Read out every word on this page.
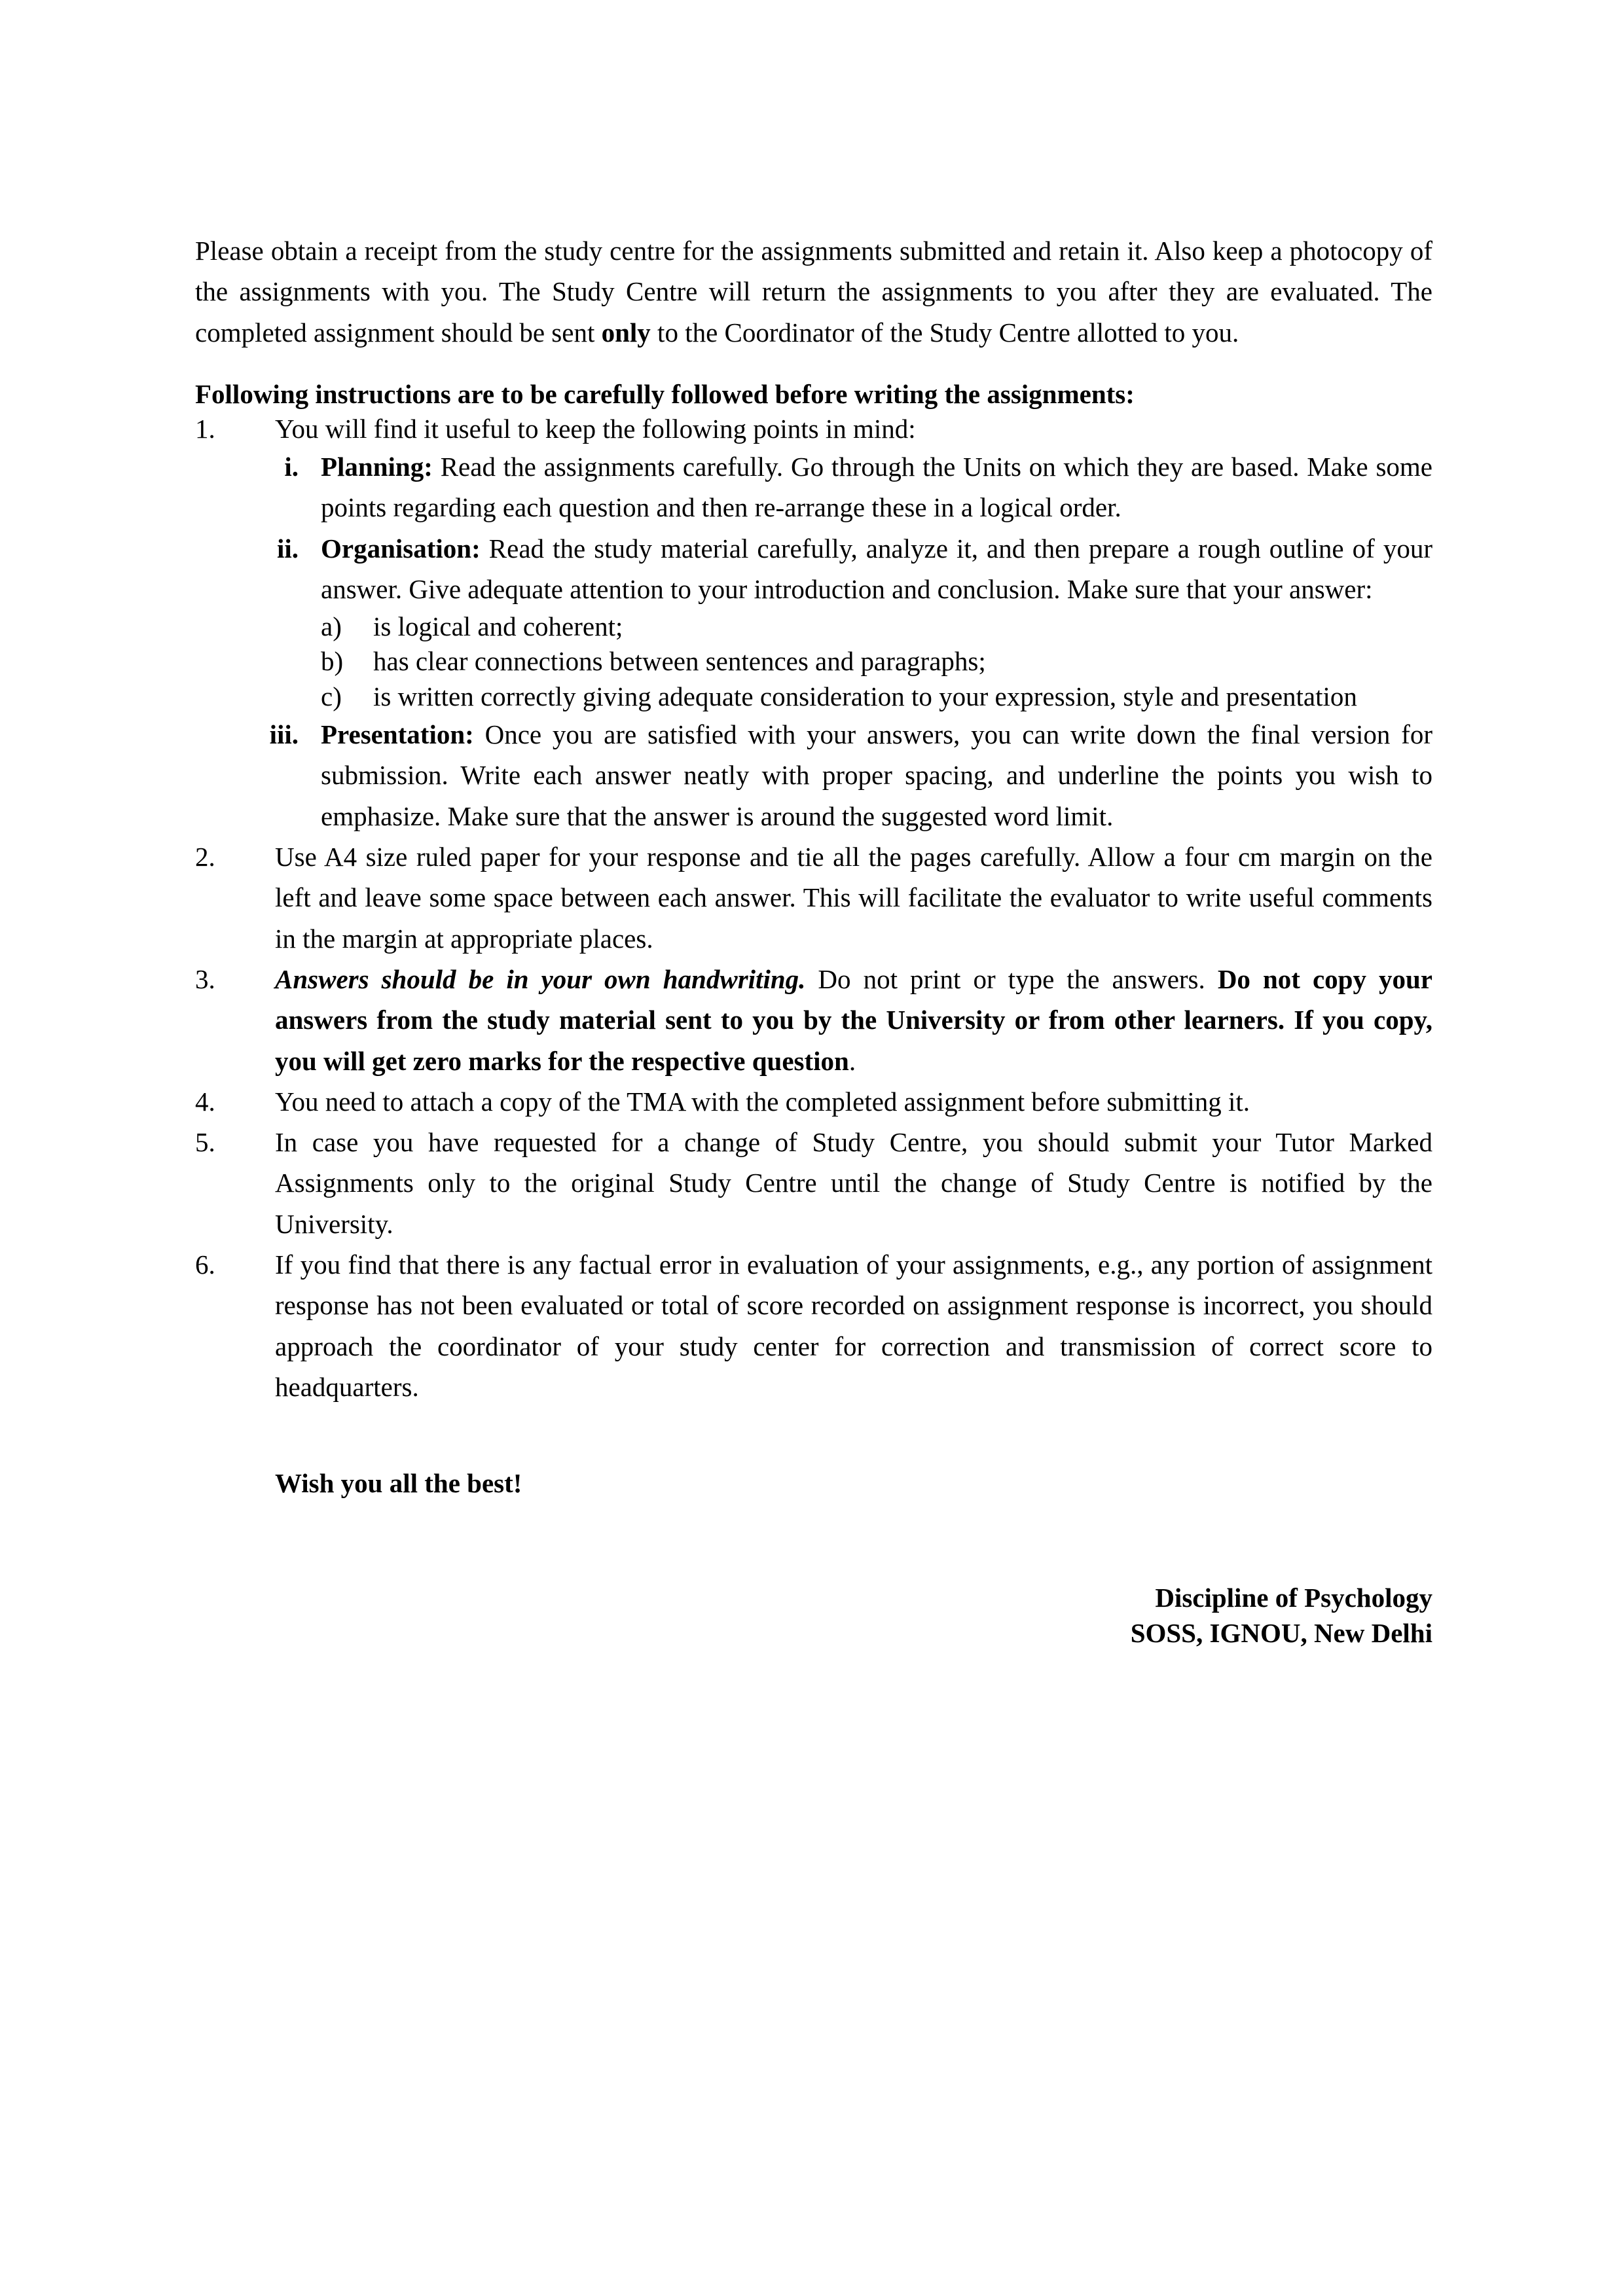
Please obtain a receipt from the study centre for the assignments submitted and retain it. Also keep a photocopy of the assignments with you. The Study Centre will return the assignments to you after they are evaluated. The completed assignment should be sent only to the Coordinator of the Study Centre allotted to you.

Following instructions are to be carefully followed before writing the assignments:

1.	You will find it useful to keep the following points in mind:
i. Planning: Read the assignments carefully. Go through the Units on which they are based. Make some points regarding each question and then re-arrange these in a logical order.
ii. Organisation: Read the study material carefully, analyze it, and then prepare a rough outline of your answer. Give adequate attention to your introduction and conclusion. Make sure that your answer:
a)	is logical and coherent;
b)	has clear connections between sentences and paragraphs;
c)	is written correctly giving adequate consideration to your expression, style and presentation
iii. Presentation: Once you are satisfied with your answers, you can write down the final version for submission. Write each answer neatly with proper spacing, and underline the points you wish to emphasize. Make sure that the answer is around the suggested word limit.
2.	Use A4 size ruled paper for your response and tie all the pages carefully. Allow a four cm margin on the left and leave some space between each answer. This will facilitate the evaluator to write useful comments in the margin at appropriate places.
3.	Answers should be in your own handwriting. Do not print or type the answers. Do not copy your answers from the study material sent to you by the University or from other learners. If you copy, you will get zero marks for the respective question.
4.	You need to attach a copy of the TMA with the completed assignment before submitting it.
5.	In case you have requested for a change of Study Centre, you should submit your Tutor Marked Assignments only to the original Study Centre until the change of Study Centre is notified by the University.
6.	If you find that there is any factual error in evaluation of your assignments, e.g., any portion of assignment response has not been evaluated or total of score recorded on assignment response is incorrect, you should approach the coordinator of your study center for correction and transmission of correct score to headquarters.
Wish you all the best!
Discipline of Psychology
SOSS, IGNOU, New Delhi
